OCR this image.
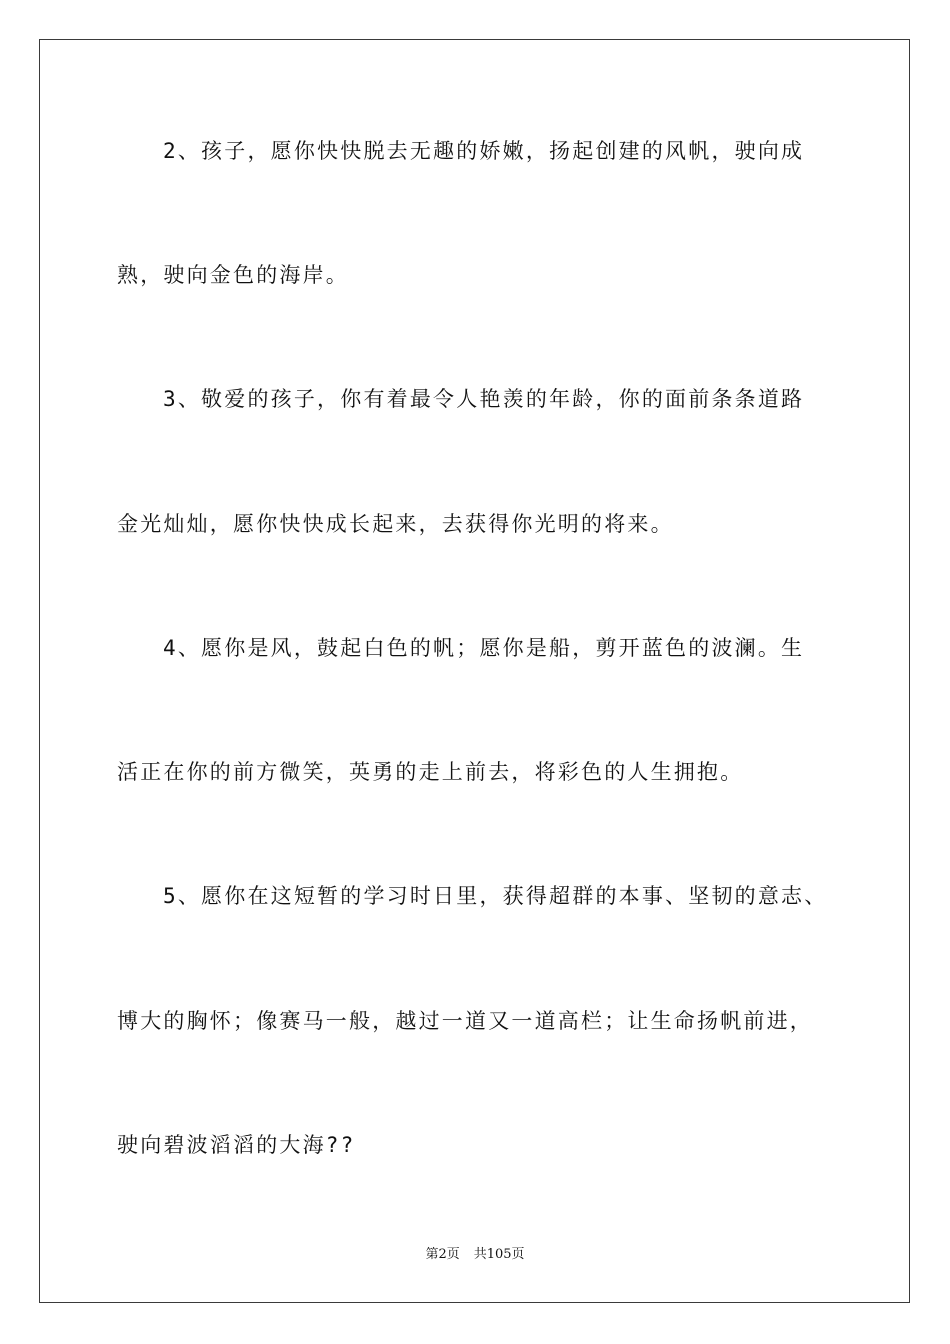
2、孩子，愿你快快脱去无趣的娇嫩，扬起创建的风帆，驶向成
熟，驶向金色的海岸。
3、敬爱的孩子，你有着最令人艳羡的年龄，你的面前条条道路
金光灿灿，愿你快快成长起来，去获得你光明的将来。
4、愿你是风，鼓起白色的帆；愿你是船，剪开蓝色的波澜。生
活正在你的前方微笑，英勇的走上前去，将彩色的人生拥抱。
5、愿你在这短暂的学习时日里，获得超群的本事、坚韧的意志、
博大的胸怀；像赛马一般，越过一道又一道高栏；让生命扬帆前进，
驶向碧波滔滔的大海??
第2页 共105页
